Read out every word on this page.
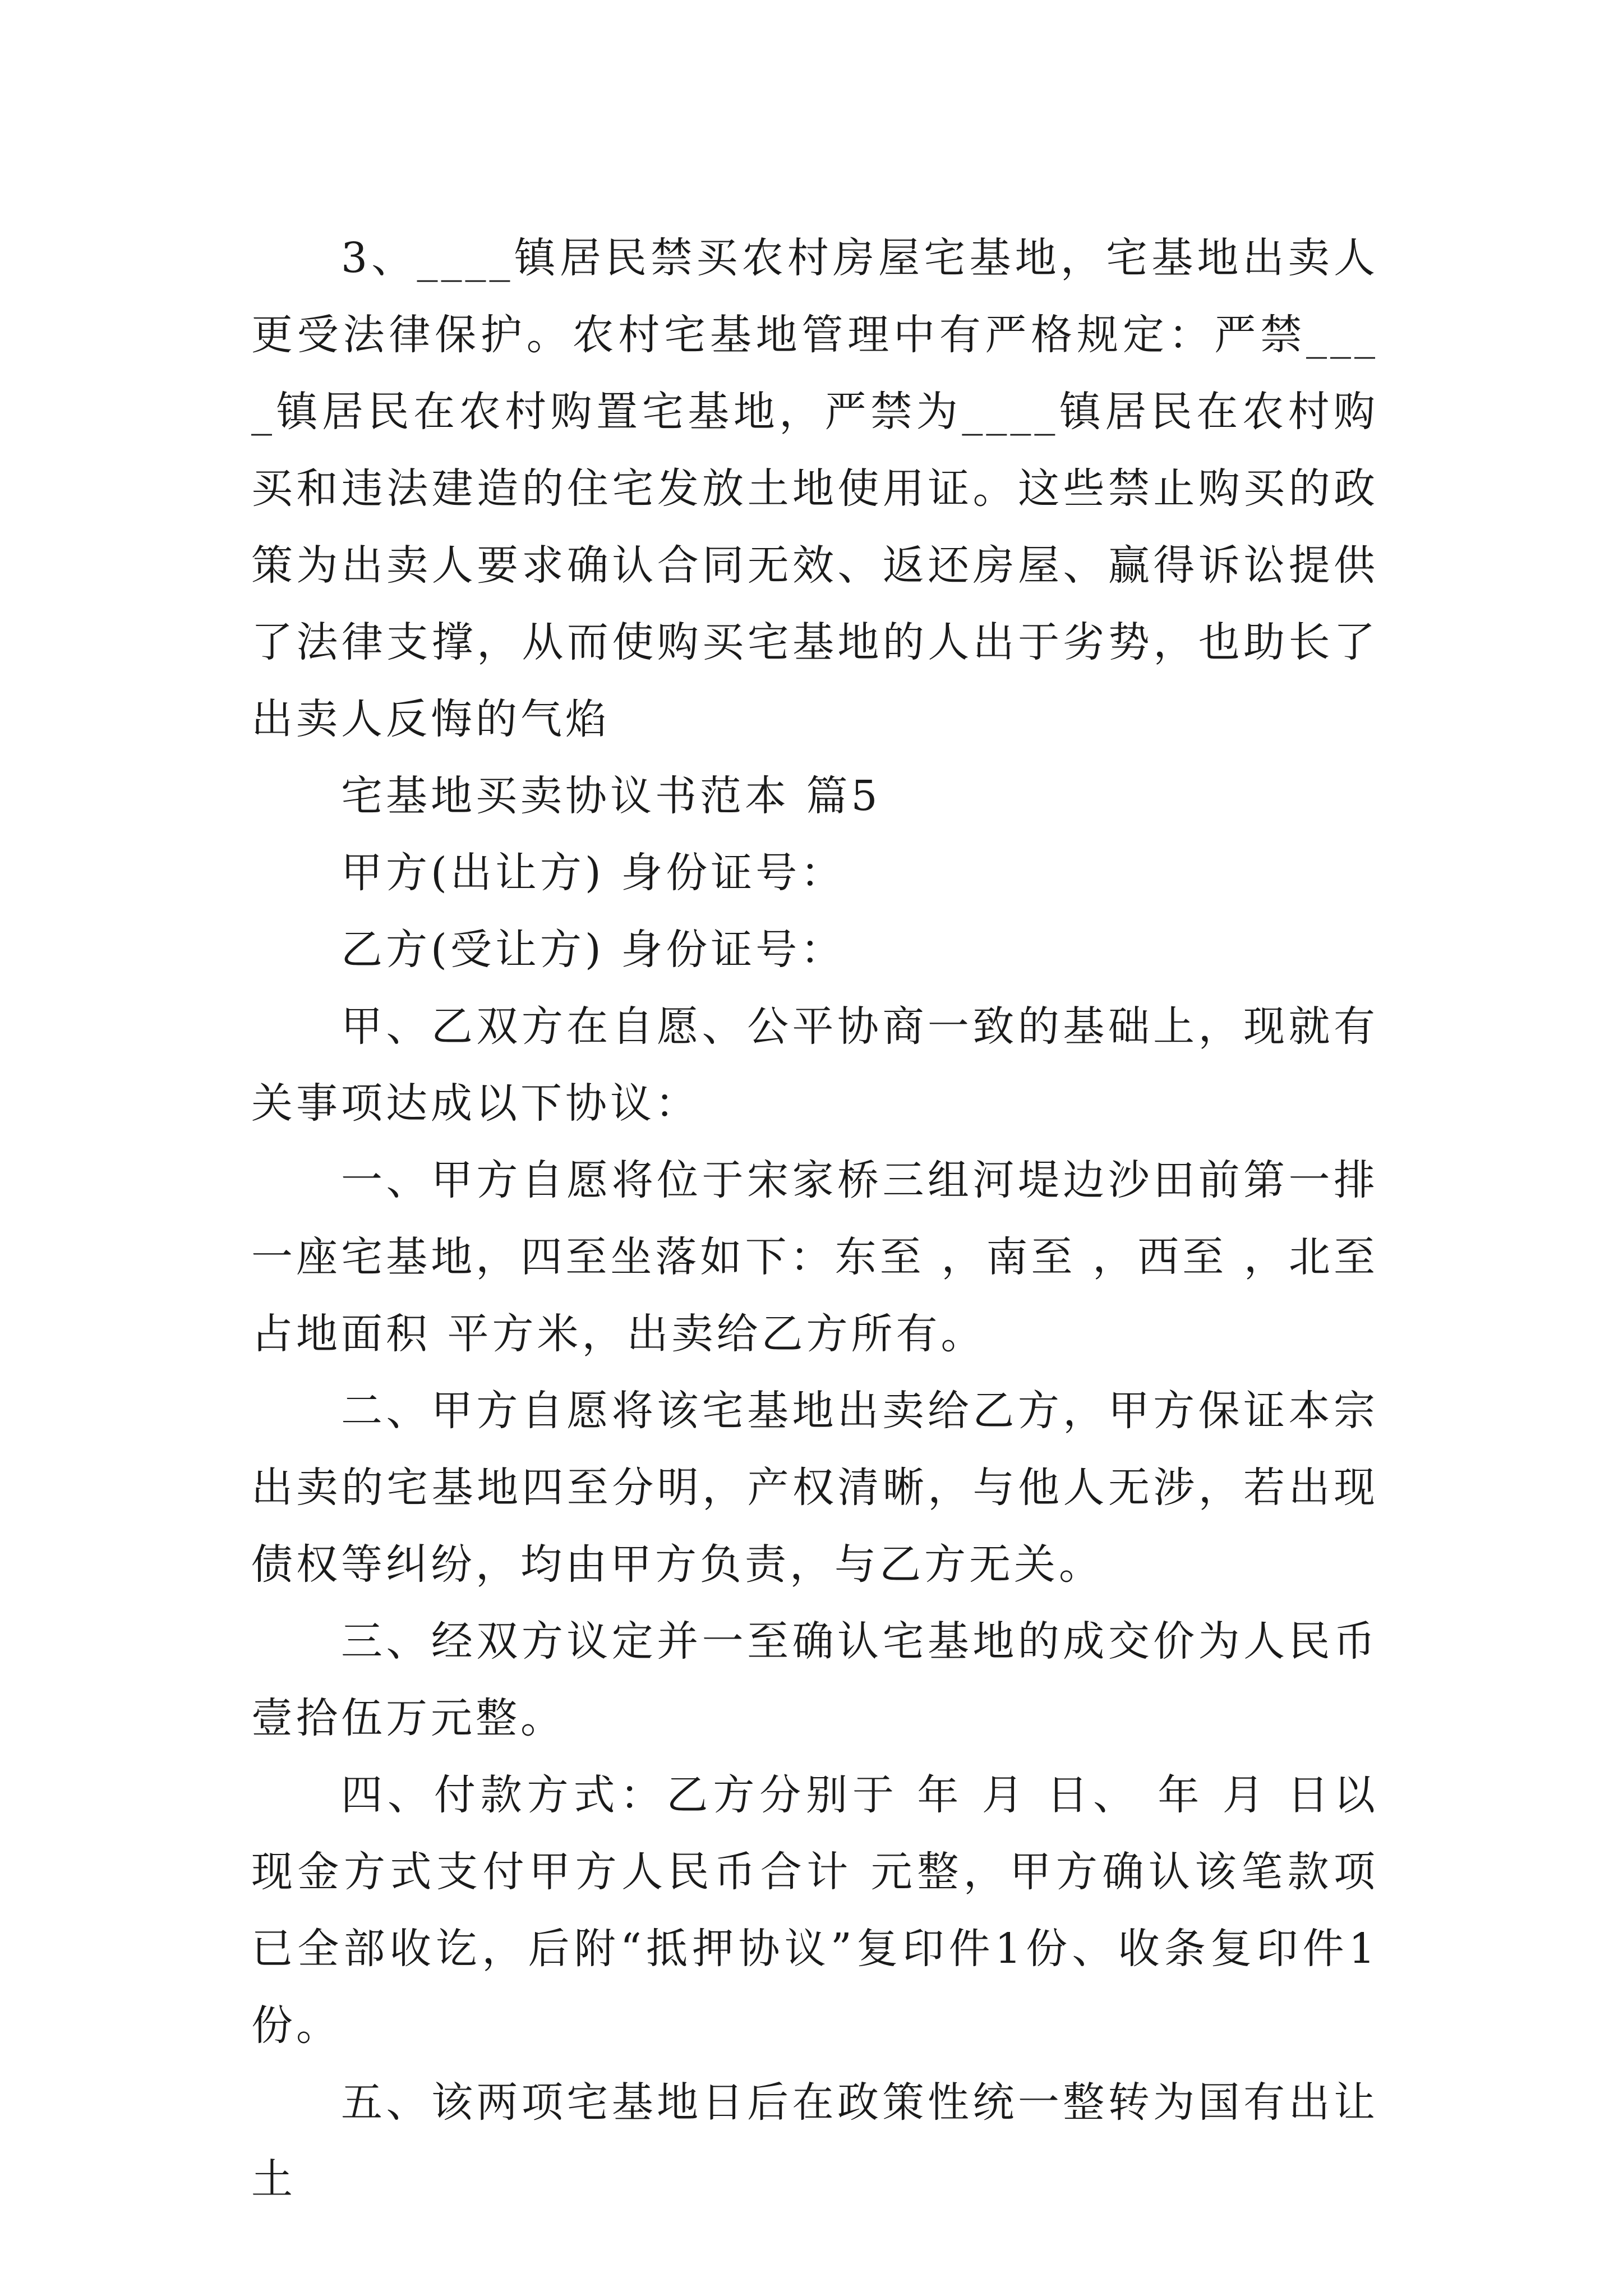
3、____镇居民禁买农村房屋宅基地，宅基地出卖人更受法律保护。农村宅基地管理中有严格规定：严禁____镇居民在农村购置宅基地，严禁为____镇居民在农村购买和违法建造的住宅发放土地使用证。这些禁止购买的政策为出卖人要求确认合同无效、返还房屋、赢得诉讼提供了法律支撑，从而使购买宅基地的人出于劣势，也助长了出卖人反悔的气焰

宅基地买卖协议书范本 篇5

甲方(出让方) 身份证号：

乙方(受让方) 身份证号：

甲、乙双方在自愿、公平协商一致的基础上，现就有关事项达成以下协议：

一、甲方自愿将位于宋家桥三组河堤边沙田前第一排一座宅基地，四至坐落如下：东至 ，南至 ，西至 ，北至 占地面积 平方米，出卖给乙方所有。

二、甲方自愿将该宅基地出卖给乙方，甲方保证本宗出卖的宅基地四至分明，产权清晰，与他人无涉，若出现债权等纠纷，均由甲方负责，与乙方无关。

三、经双方议定并一至确认宅基地的成交价为人民币壹拾伍万元整。

四、付款方式：乙方分别于 年 月 日、 年 月 日以现金方式支付甲方人民币合计 元整，甲方确认该笔款项已全部收讫，后附“抵押协议”复印件1份、收条复印件1份。

五、该两项宅基地日后在政策性统一整转为国有出让土
